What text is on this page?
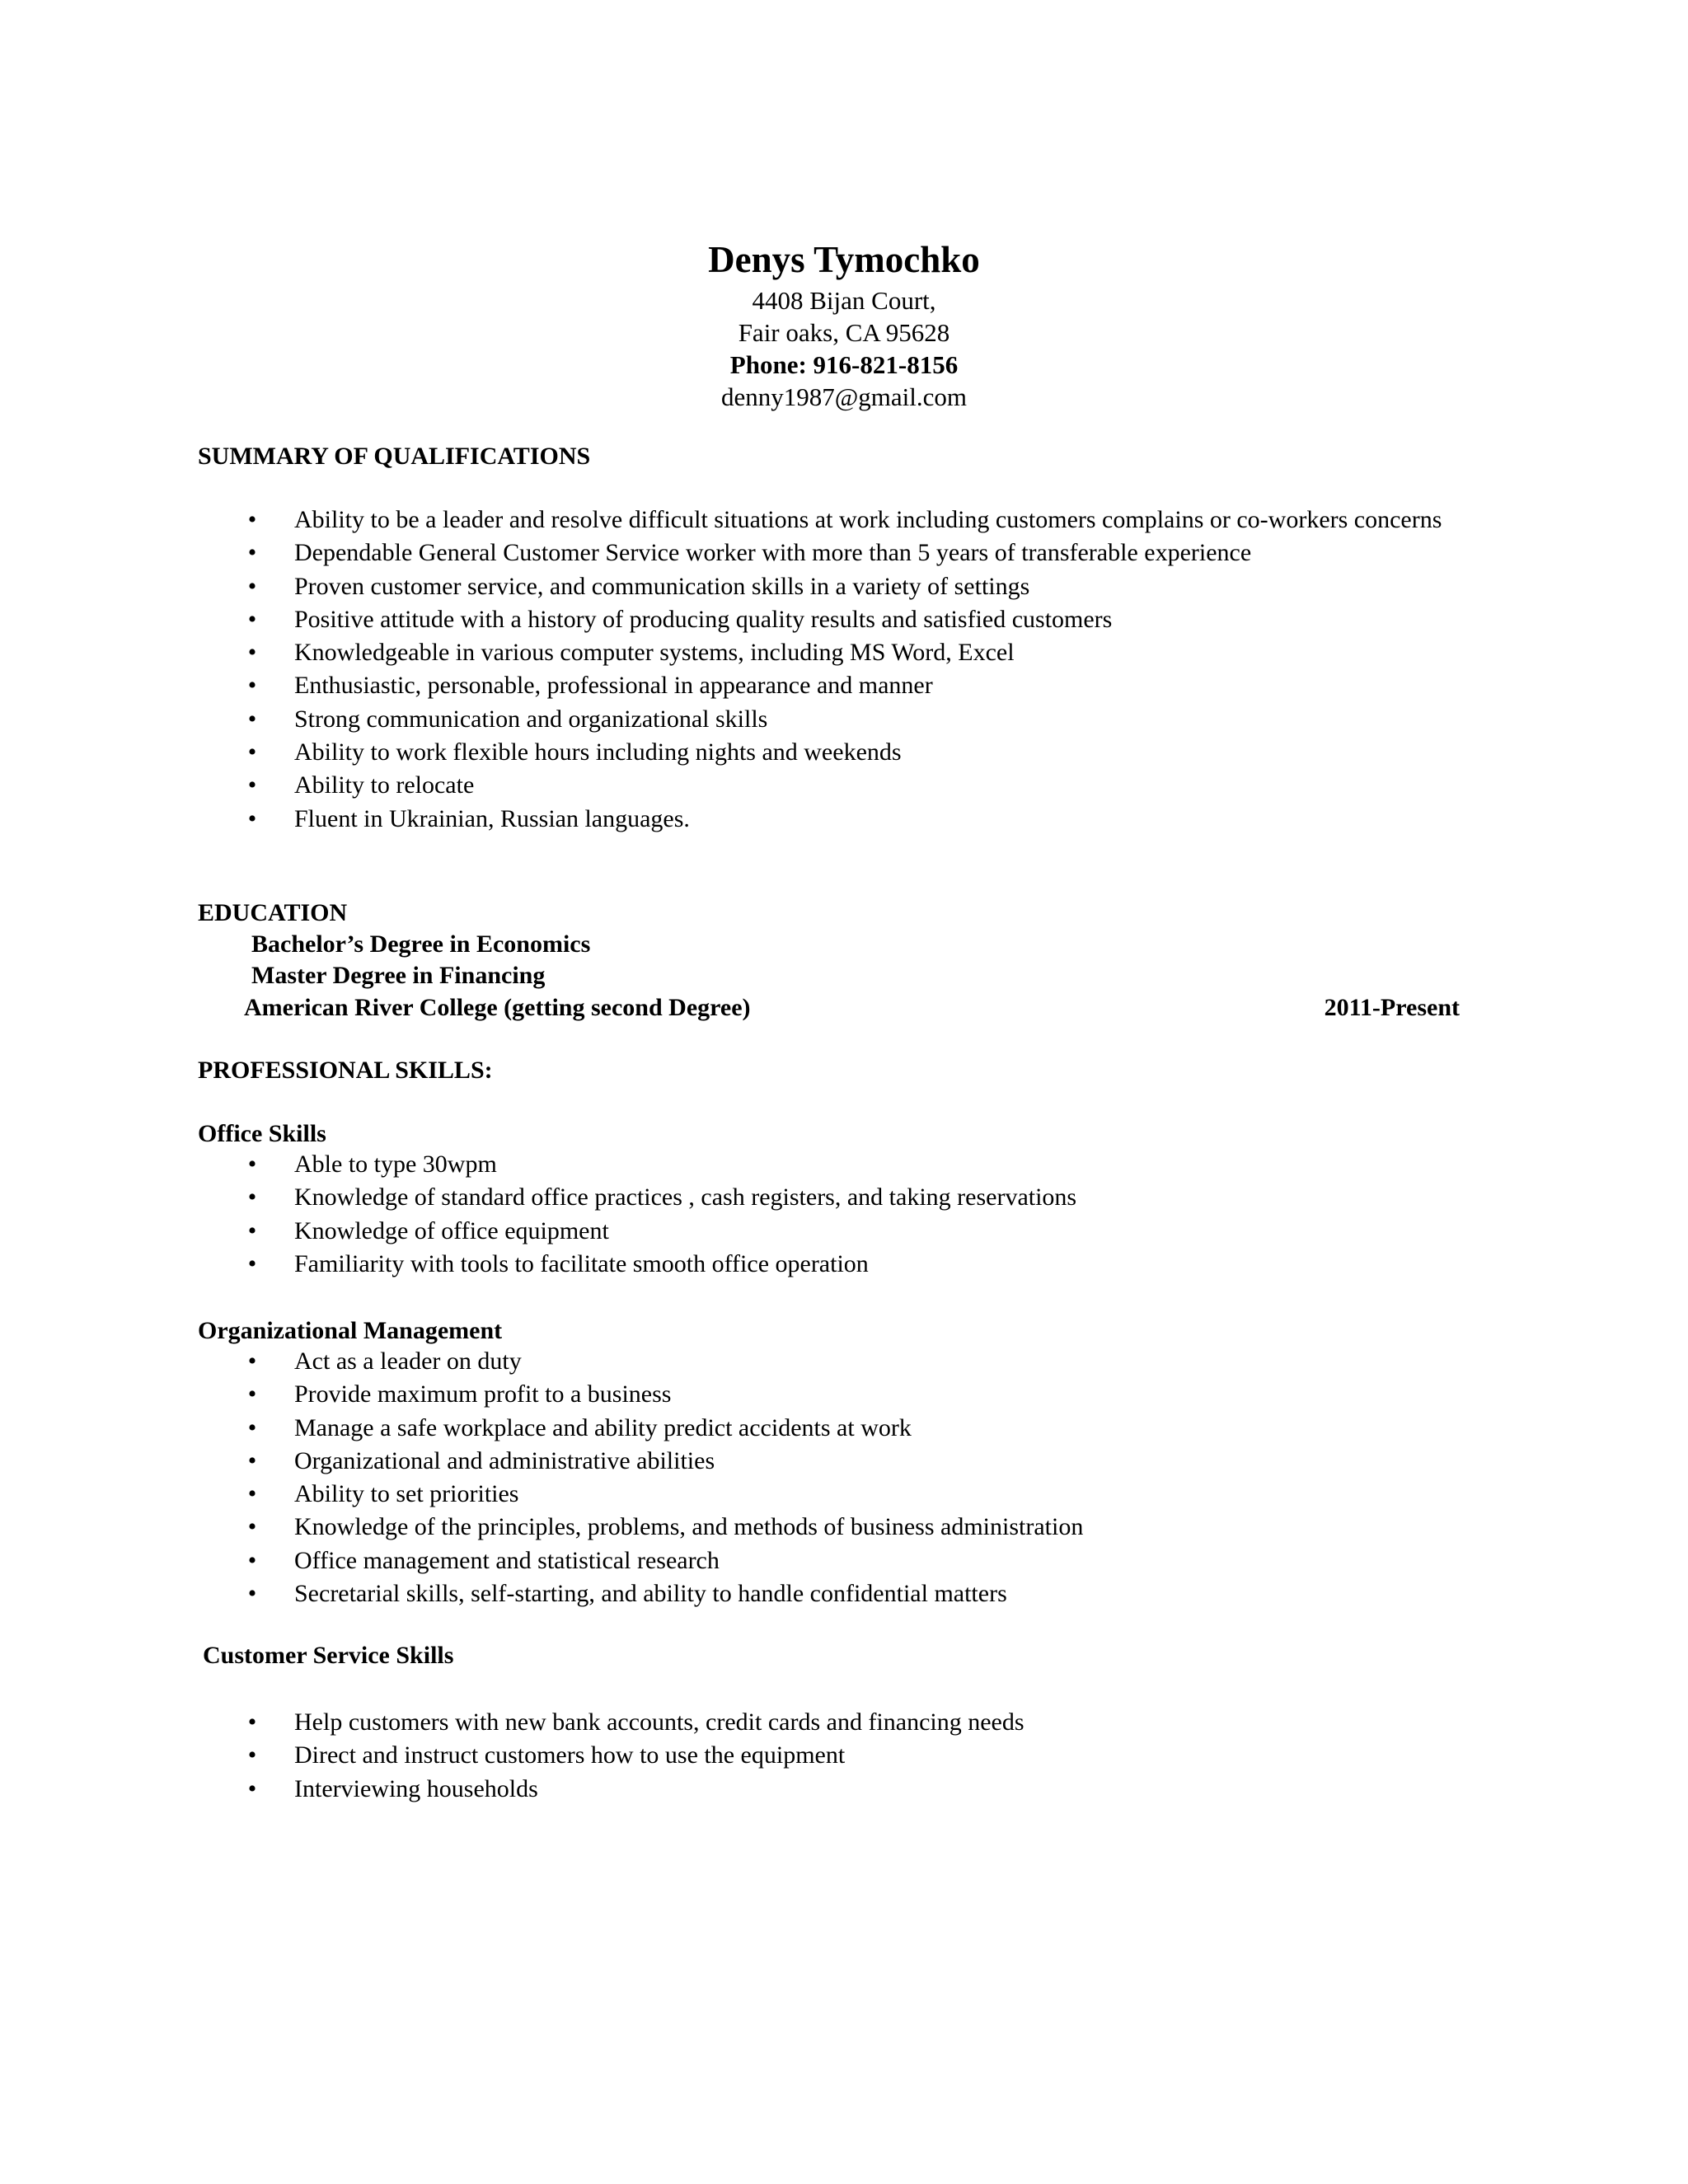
Denys Tymochko
4408 Bijan Court,
Fair oaks, CA 95628
Phone: 916-821-8156
denny1987@gmail.com
SUMMARY OF QUALIFICATIONS
• Ability to be a leader and resolve difficult situations at work including customers complains or co-workers concerns
• Dependable General Customer Service worker with more than 5 years of transferable experience
• Proven customer service, and communication skills in a variety of settings
• Positive attitude with a history of producing quality results and satisfied customers
• Knowledgeable in various computer systems, including MS Word, Excel
• Enthusiastic, personable, professional in appearance and manner
• Strong communication and organizational skills
• Ability to work flexible hours including nights and weekends
• Ability to relocate
• Fluent in Ukrainian, Russian languages.
EDUCATION
Bachelor’s Degree in Economics
Master Degree in Financing
American River College (getting second Degree)	2011-Present
PROFESSIONAL SKILLS:
Office Skills
• Able to type 30wpm
• Knowledge of standard office practices , cash registers, and taking reservations
• Knowledge of office equipment
• Familiarity with tools to facilitate smooth office operation
Organizational Management
• Act as a leader on duty
• Provide maximum profit to a business
• Manage a safe workplace and ability predict accidents at work
• Organizational and administrative abilities
• Ability to set priorities
• Knowledge of the principles, problems, and methods of business administration
• Office management and statistical research
• Secretarial skills, self-starting, and ability to handle confidential matters
Customer Service Skills
• Help customers with new bank accounts, credit cards and financing needs
• Direct and instruct customers how to use the equipment
• Interviewing households
